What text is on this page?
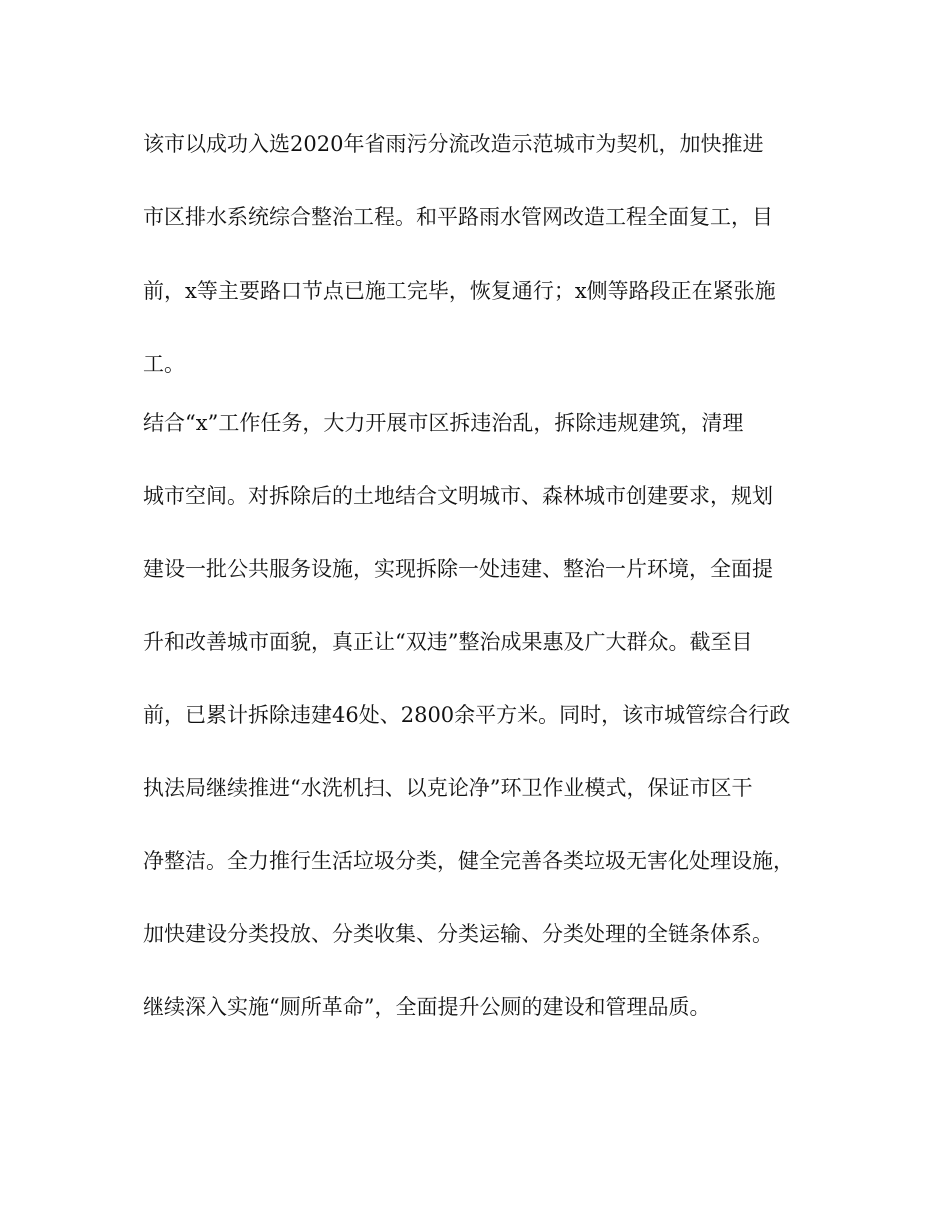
该市以成功入选2020年省雨污分流改造示范城市为契机，加快推进
市区排水系统综合整治工程。和平路雨水管网改造工程全面复工，目
前，x等主要路口节点已施工完毕，恢复通行；x侧等路段正在紧张施
工。
结合“x”工作任务，大力开展市区拆违治乱，拆除违规建筑，清理
城市空间。对拆除后的土地结合文明城市、森林城市创建要求，规划
建设一批公共服务设施，实现拆除一处违建、整治一片环境，全面提
升和改善城市面貌，真正让“双违”整治成果惠及广大群众。截至目
前，已累计拆除违建46处、2800余平方米。同时，该市城管综合行政
执法局继续推进“水洗机扫、以克论净”环卫作业模式，保证市区干
净整洁。全力推行生活垃圾分类，健全完善各类垃圾无害化处理设施，
加快建设分类投放、分类收集、分类运输、分类处理的全链条体系。
继续深入实施“厕所革命”，全面提升公厕的建设和管理品质。
